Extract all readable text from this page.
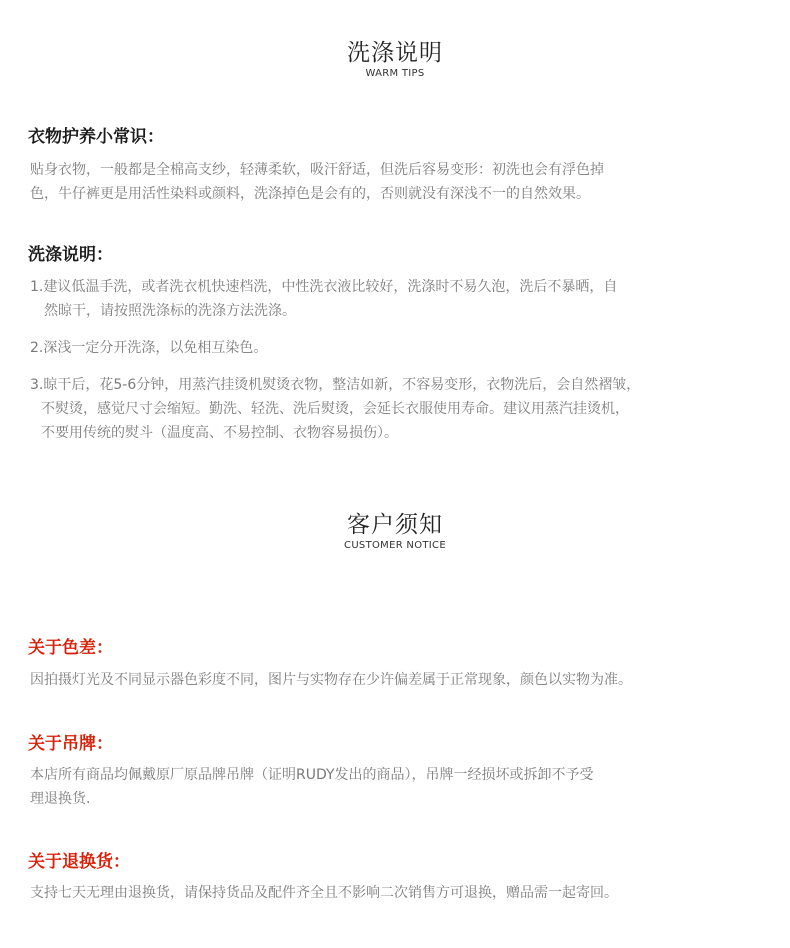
洗涤说明
WARM TIPS
衣物护养小常识：
贴身衣物，一般都是全棉高支纱，轻薄柔软，吸汗舒适，但洗后容易变形：初洗也会有浮色掉
色，牛仔裤更是用活性染料或颜料，洗涤掉色是会有的，否则就没有深浅不一的自然效果。
洗涤说明：
1.建议低温手洗，或者洗衣机快速档洗，中性洗衣液比较好，洗涤时不易久泡，洗后不暴晒，自
然晾干，请按照洗涤标的洗涤方法洗涤。
2.深浅一定分开洗涤，以免相互染色。
3.晾干后，花5-6分钟，用蒸汽挂烫机熨烫衣物，整洁如新，不容易变形，衣物洗后，会自然褶皱，
不熨烫，感觉尺寸会缩短。勤洗、轻洗、洗后熨烫，会延长衣服使用寿命。建议用蒸汽挂烫机，
不要用传统的熨斗（温度高、不易控制、衣物容易损伤）。
客户须知
CUSTOMER NOTICE
关于色差：
因拍摄灯光及不同显示器色彩度不同，图片与实物存在少许偏差属于正常现象，颜色以实物为准。
关于吊牌：
本店所有商品均佩戴原厂原品牌吊牌（证明RUDY发出的商品），吊牌一经损坏或拆卸不予受
理退换货.
关于退换货：
支持七天无理由退换货，请保持货品及配件齐全且不影响二次销售方可退换，赠品需一起寄回。
